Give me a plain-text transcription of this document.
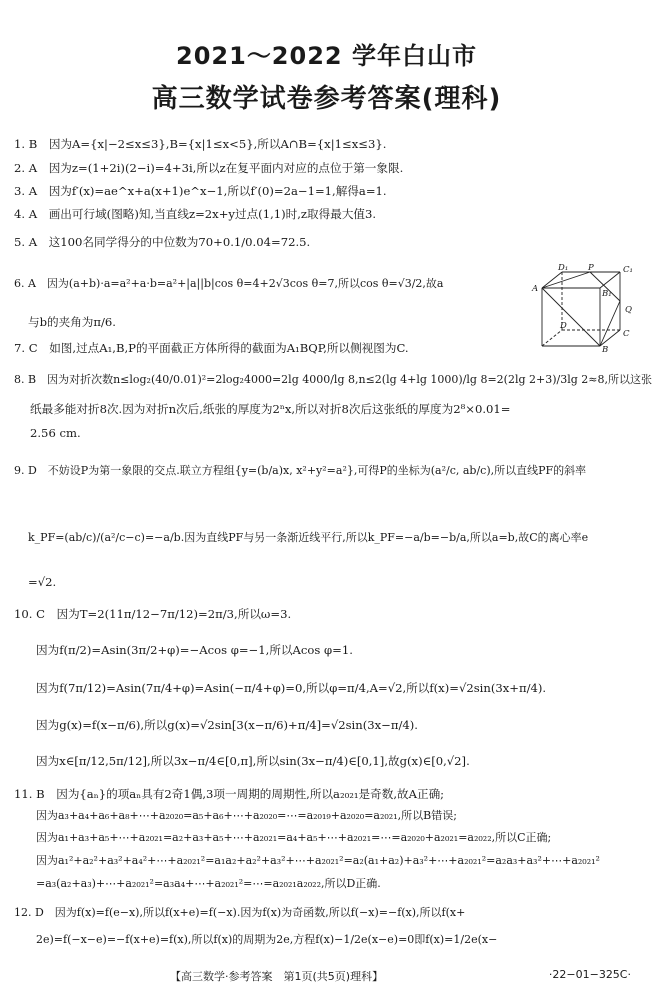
2021～2022 学年白山市
高三数学试卷参考答案(理科)
1. B　因为A={x|−2≤x≤3},B={x|1≤x<5},所以A∩B={x|1≤x≤3}.
2. A　因为z=(1+2i)(2−i)=4+3i,所以z在复平面内对应的点位于第一象限.
3. A　因为f′(x)=ae^x+a(x+1)e^x−1,所以f′(0)=2a−1=1,解得a=1.
4. A　画出可行域(图略)知,当直线z=2x+y过点(1,1)时,z取得最大值3.
5. A　这100名同学得分的中位数为70+0.1/0.04=72.5.
6. A　因为(a+b)·a=a²+a·b=a²+|a||b|cos θ=4+2√3cos θ=7,所以cos θ=√3/2,故a
与b的夹角为π/6.
7. C　如图,过点A₁,B,P的平面截正方体所得的截面为A₁BQP,所以侧视图为C.
8. B　因为对折次数n≤log₂(40/0.01)²=2log₂4000=2lg 4000/lg 8,n≤2(lg 4+lg 1000)/lg 8=2(2lg 2+3)/3lg 2≈8,所以这张
纸最多能对折8次.因为对折n次后,纸张的厚度为2ⁿx,所以对折8次后这张纸的厚度为2⁸×0.01=
2.56 cm.
9. D　不妨设P为第一象限的交点.联立方程组{y=(b/a)x, x²+y²=a²},可得P的坐标为(a²/c, ab/c),所以直线PF的斜率
k_PF=(ab/c)/(a²/c−c)=−a/b.因为直线PF与另一条渐近线平行,所以k_PF=−a/b=−b/a,所以a=b,故C的离心率e
=√2.
10. C　因为T=2(11π/12−7π/12)=2π/3,所以ω=3.
因为f(π/2)=Asin(3π/2+φ)=−Acos φ=−1,所以Acos φ=1.
因为f(7π/12)=Asin(7π/4+φ)=Asin(−π/4+φ)=0,所以φ=π/4,A=√2,所以f(x)=√2sin(3x+π/4).
因为g(x)=f(x−π/6),所以g(x)=√2sin[3(x−π/6)+π/4]=√2sin(3x−π/4).
因为x∈[π/12,5π/12],所以3x−π/4∈[0,π],所以sin(3x−π/4)∈[0,1],故g(x)∈[0,√2].
11. B　因为{aₙ}的项aₙ具有2奇1偶,3项一周期的周期性,所以a₂₀₂₁是奇数,故A正确;
因为a₃+a₄+a₆+a₈+⋯+a₂₀₂₀=a₅+a₆+⋯+a₂₀₂₀=⋯=a₂₀₁₉+a₂₀₂₀=a₂₀₂₁,所以B错误;
因为a₁+a₃+a₅+⋯+a₂₀₂₁=a₂+a₃+a₅+⋯+a₂₀₂₁=a₄+a₅+⋯+a₂₀₂₁=⋯=a₂₀₂₀+a₂₀₂₁=a₂₀₂₂,所以C正确;
因为a₁²+a₂²+a₃²+a₄²+⋯+a₂₀₂₁²=a₁a₂+a₂²+a₃²+⋯+a₂₀₂₁²=a₂(a₁+a₂)+a₃²+⋯+a₂₀₂₁²=a₂a₃+a₃²+⋯+a₂₀₂₁²
=a₃(a₂+a₃)+⋯+a₂₀₂₁²=a₃a₄+⋯+a₂₀₂₁²=⋯=a₂₀₂₁a₂₀₂₂,所以D正确.
12. D　因为f(x)=f(e−x),所以f(x+e)=f(−x).因为f(x)为奇函数,所以f(−x)=−f(x),所以f(x+
2e)=f(−x−e)=−f(x+e)=f(x),所以f(x)的周期为2e,方程f(x)−1/2e(x−e)=0即f(x)=1/2e(x−
D₁ P	C₁
A	B₁
Q
D
C
B
【高三数学·参考答案　第1页(共5页)理科】	·22−01−325C·
